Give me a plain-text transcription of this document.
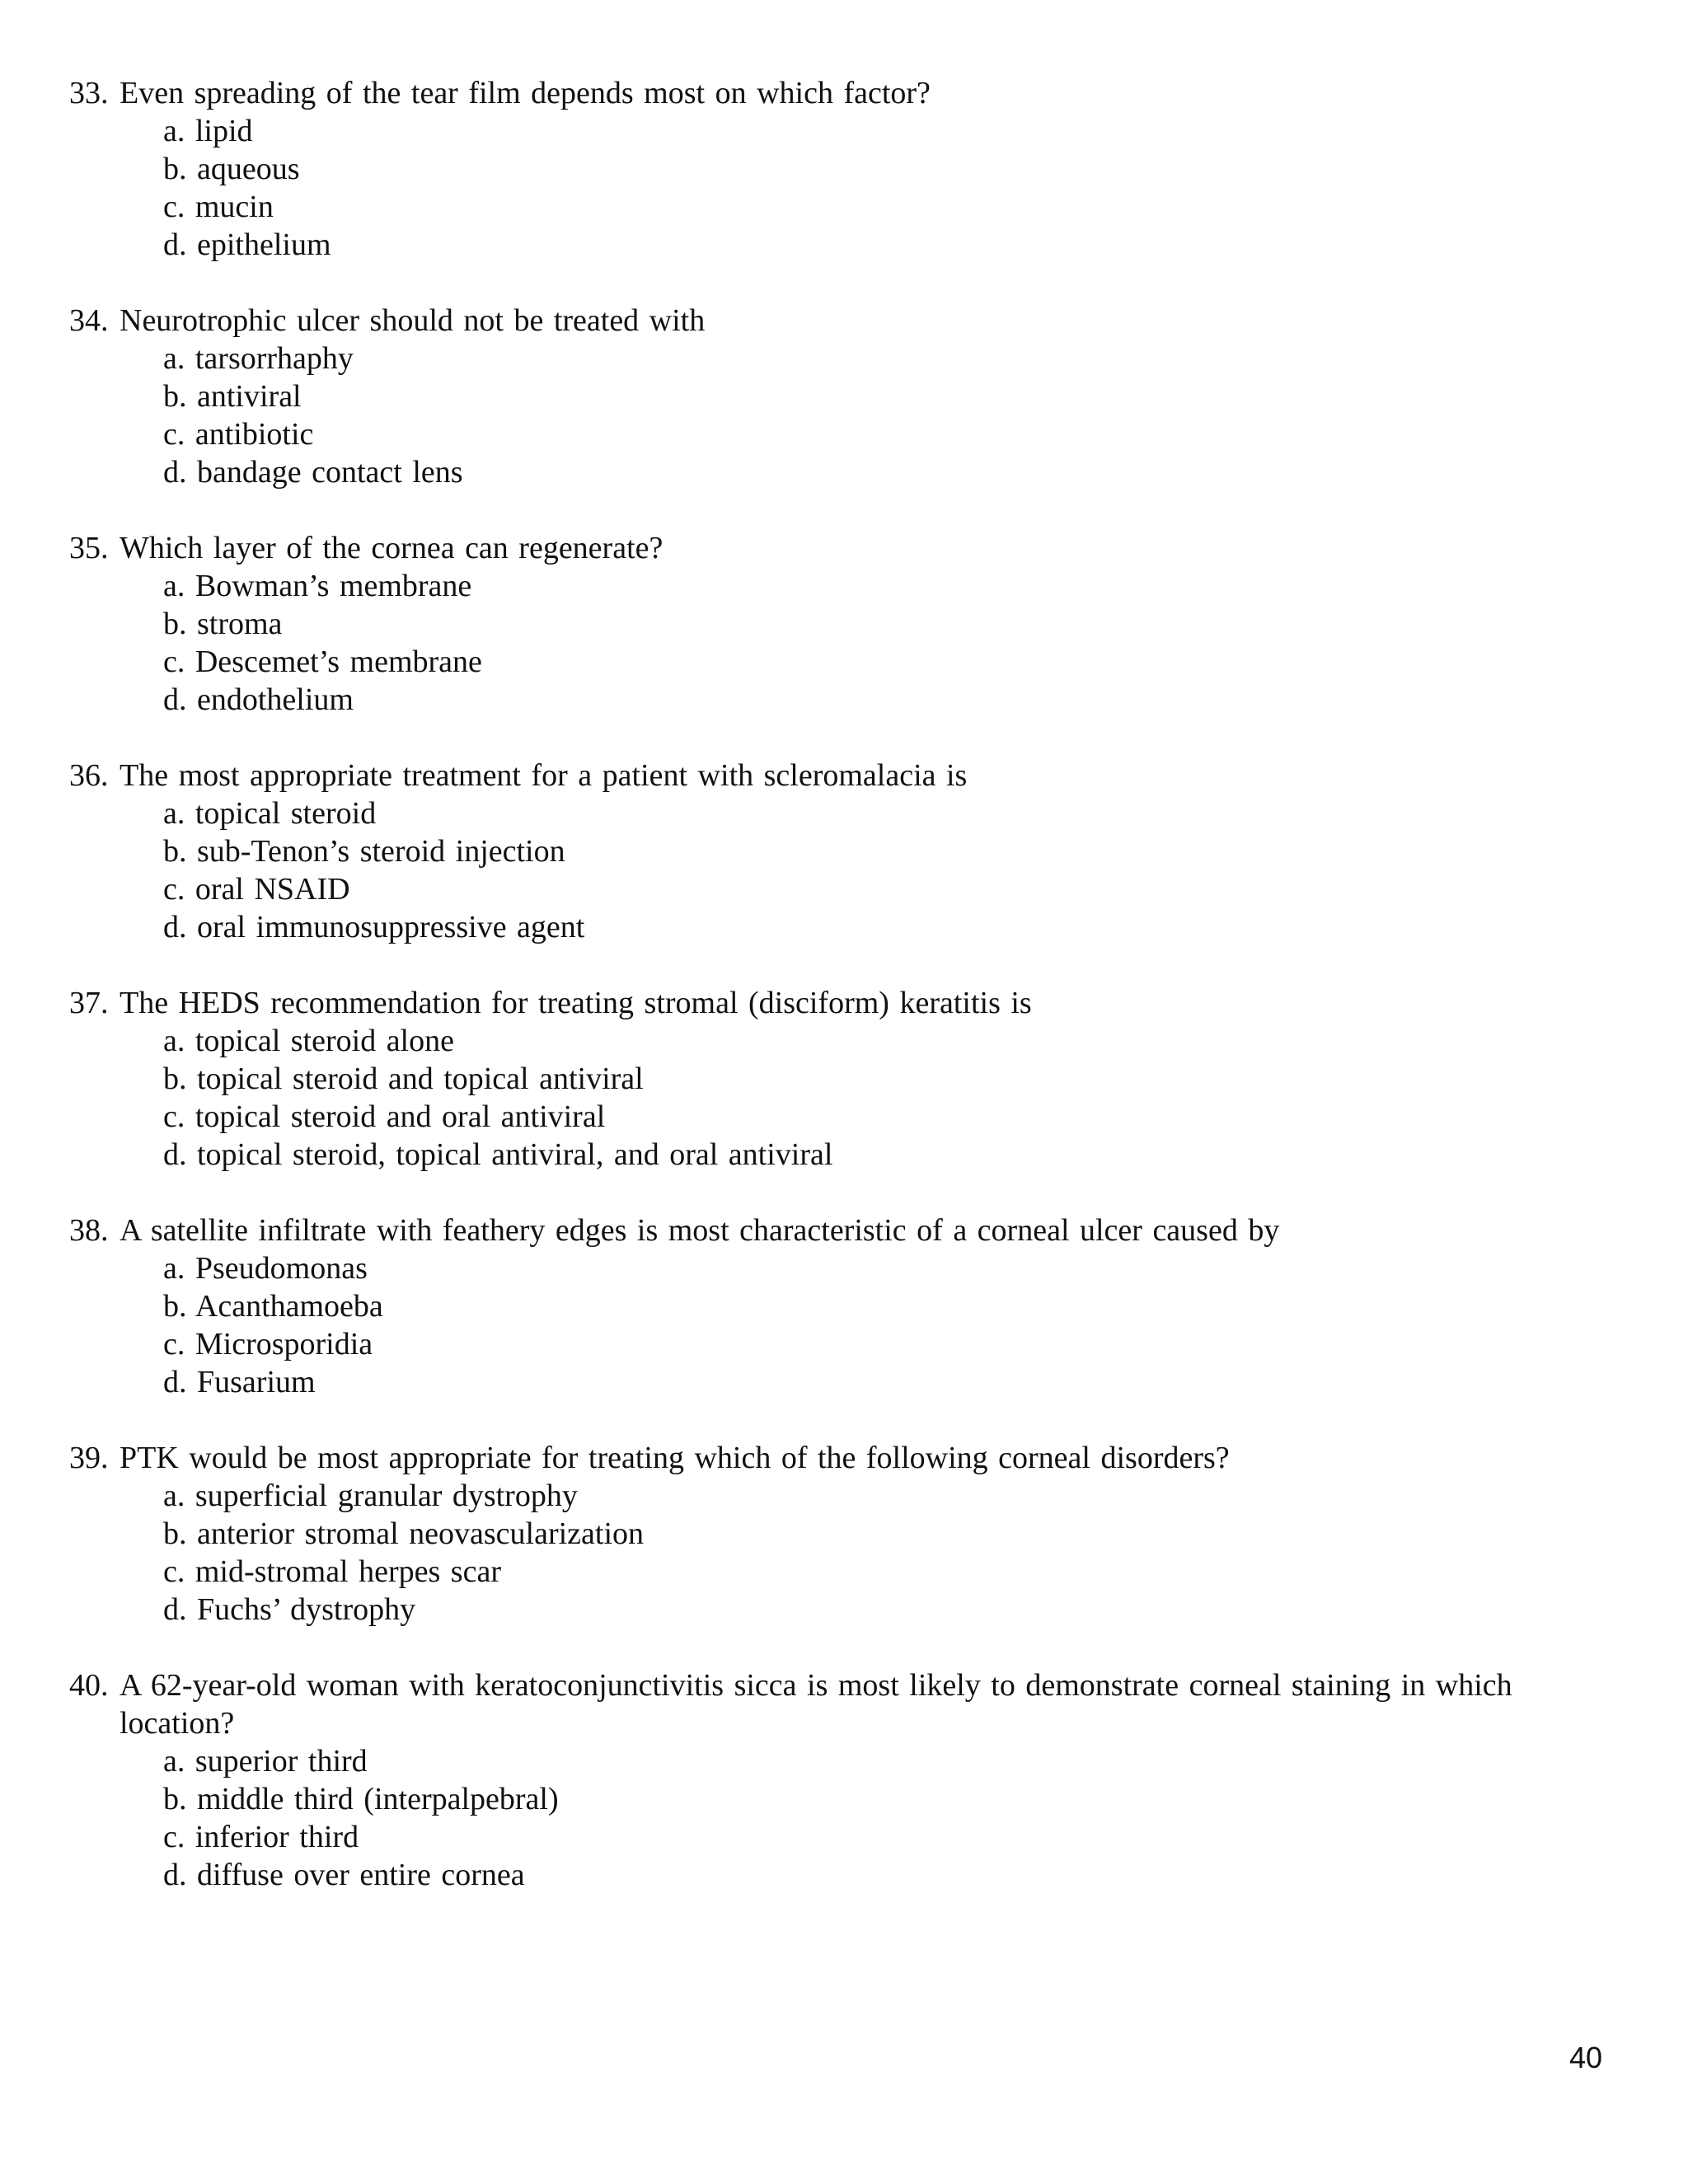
33. Even spreading of the tear film depends most on which factor?
a. lipid
b. aqueous
c. mucin
d. epithelium
34. Neurotrophic ulcer should not be treated with
a. tarsorrhaphy
b. antiviral
c. antibiotic
d. bandage contact lens
35. Which layer of the cornea can regenerate?
a. Bowman’s membrane
b. stroma
c. Descemet’s membrane
d. endothelium
36. The most appropriate treatment for a patient with scleromalacia is
a. topical steroid
b. sub-Tenon’s steroid injection
c. oral NSAID
d. oral immunosuppressive agent
37. The HEDS recommendation for treating stromal (disciform) keratitis is
a. topical steroid alone
b. topical steroid and topical antiviral
c. topical steroid and oral antiviral
d. topical steroid, topical antiviral, and oral antiviral
38. A satellite infiltrate with feathery edges is most characteristic of a corneal ulcer caused by
a. Pseudomonas
b. Acanthamoeba
c. Microsporidia
d. Fusarium
39. PTK would be most appropriate for treating which of the following corneal disorders?
a. superficial granular dystrophy
b. anterior stromal neovascularization
c. mid-stromal herpes scar
d. Fuchs’ dystrophy
40. A 62-year-old woman with keratoconjunctivitis sicca is most likely to demonstrate corneal staining in which location?
a. superior third
b. middle third (interpalpebral)
c. inferior third
d. diffuse over entire cornea
40
